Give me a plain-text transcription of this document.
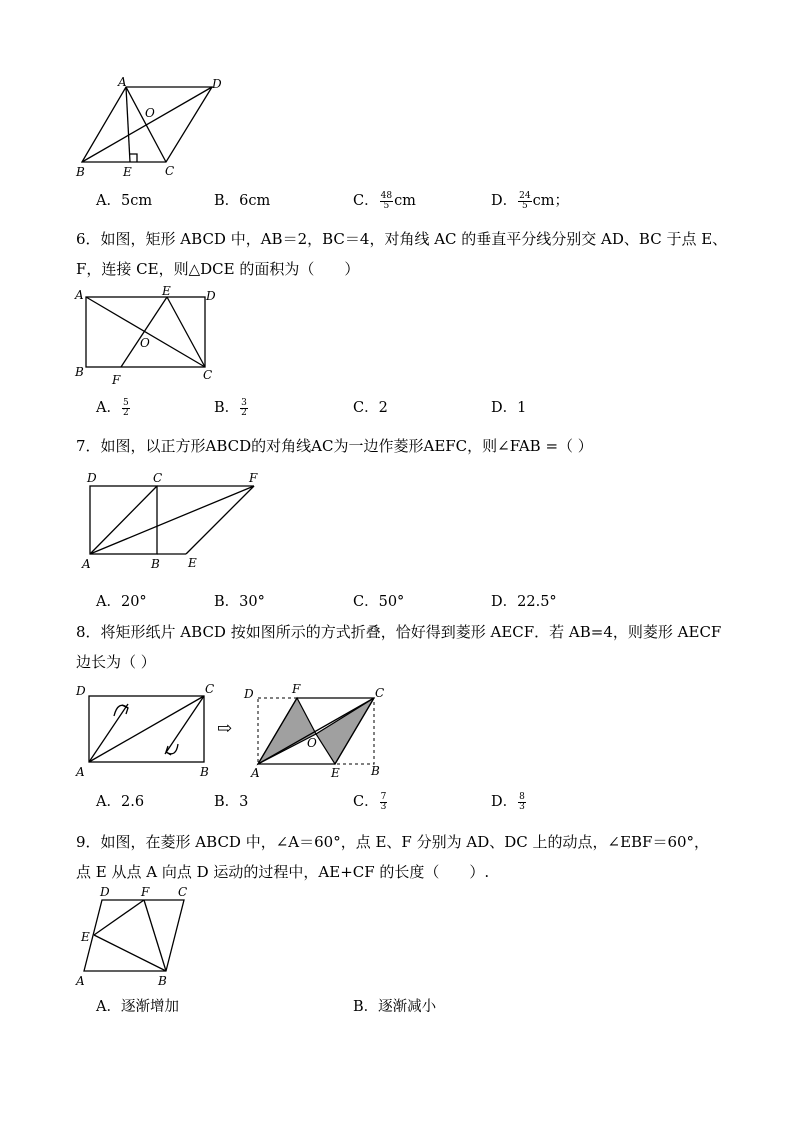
A	D
O
B	E	C
A．5cm	B．6cm	C． $\frac{48}{5}$ cm	D． $\frac{24}{5}$ cm；
6．如图，矩形 ABCD 中，AB＝2，BC＝4，对角线 AC 的垂直平分线分别交 AD、BC 于点 E、
F，连接 CE，则△DCE 的面积为（　　）
A	E	D
O
B
F	C
A． $\frac{5}{2}$	B． $\frac{3}{2}$	C．2	D．1
7．如图，以正方形ABCD的对角线AC为一边作菱形AEFC，则∠FAB =（ ）
D	C	F
A	B E
A．20°	B．30°	C．50°	D．22.5°
8．将矩形纸片 ABCD 按如图所示的方式折叠，恰好得到菱形 AECF．若 AB=4，则菱形 AECF
边长为（ ）
D	C
A	B
⇨
D	F	C
O
A	E	B
A．2.6	B．3	C． $\frac{7}{3}$	D． $\frac{8}{3}$
9．如图，在菱形 ABCD 中，∠A＝60°，点 E、F 分别为 AD、DC 上的动点，∠EBF＝60°，
点 E 从点 A 向点 D 运动的过程中，AE+CF 的长度（　　）.
D	F C
E
A	B
A．逐渐增加	B．逐渐减小
